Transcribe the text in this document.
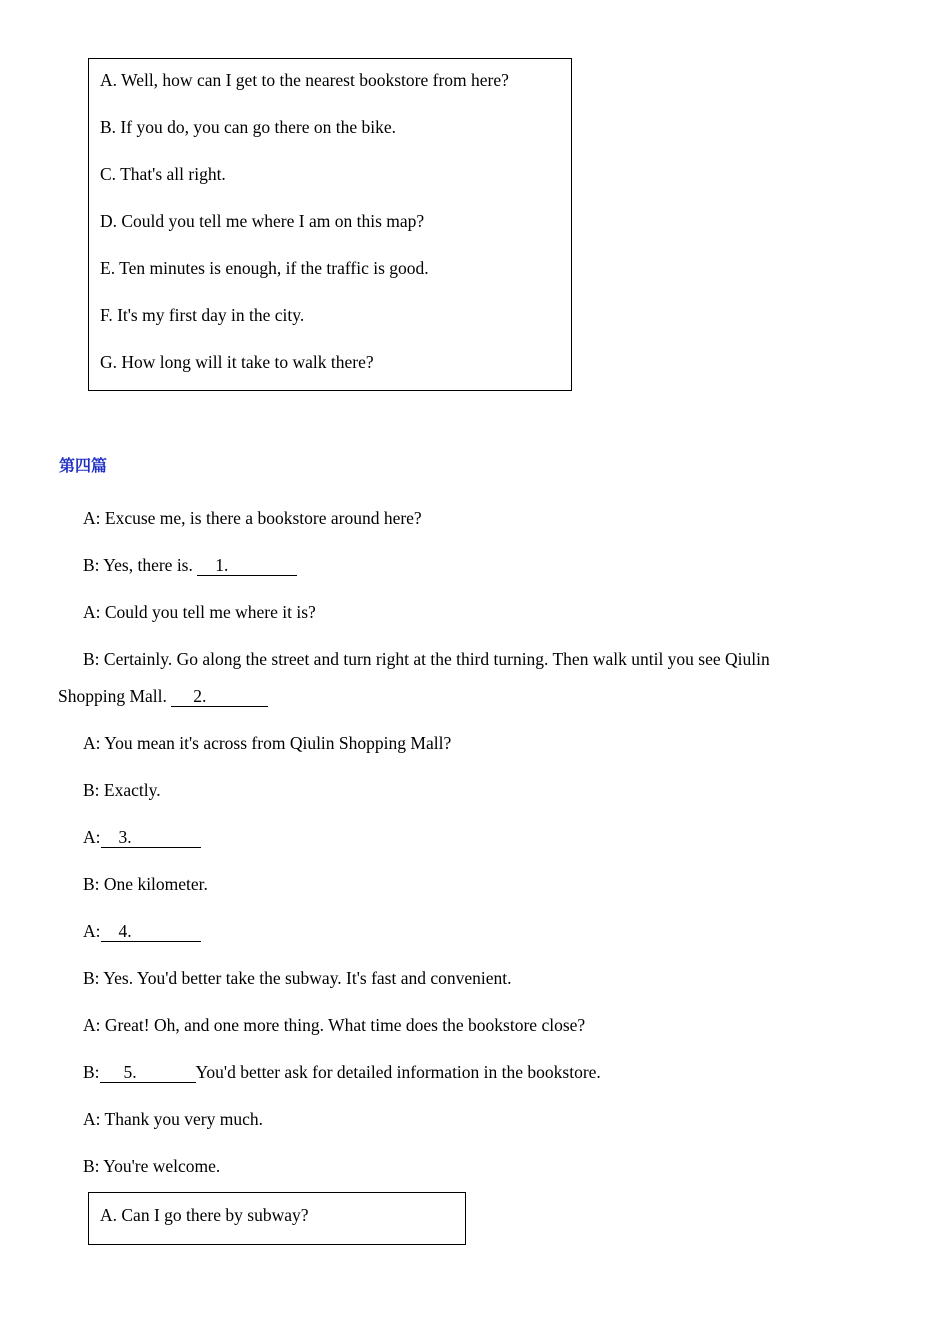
A. Well, how can I get to the nearest bookstore from here?
B. If you do, you can go there on the bike.
C. That's all right.
D. Could you tell me where I am on this map?
E. Ten minutes is enough, if the traffic is good.
F. It's my first day in the city.
G. How long will it take to walk there?
第四篇
A: Excuse me, is there a bookstore around here?
B: Yes, there is. 1.
A: Could you tell me where it is?
B: Certainly. Go along the street and turn right at the third turning. Then walk until you see Qiulin
Shopping Mall. 2.
A: You mean it's across from Qiulin Shopping Mall?
B: Exactly.
A: 3.
B: One kilometer.
A: 4.
B: Yes. You'd better take the subway. It's fast and convenient.
A: Great! Oh, and one more thing. What time does the bookstore close?
B: 5.	You'd better ask for detailed information in the bookstore.
A: Thank you very much.
B: You're welcome.
A. Can I go there by subway?
